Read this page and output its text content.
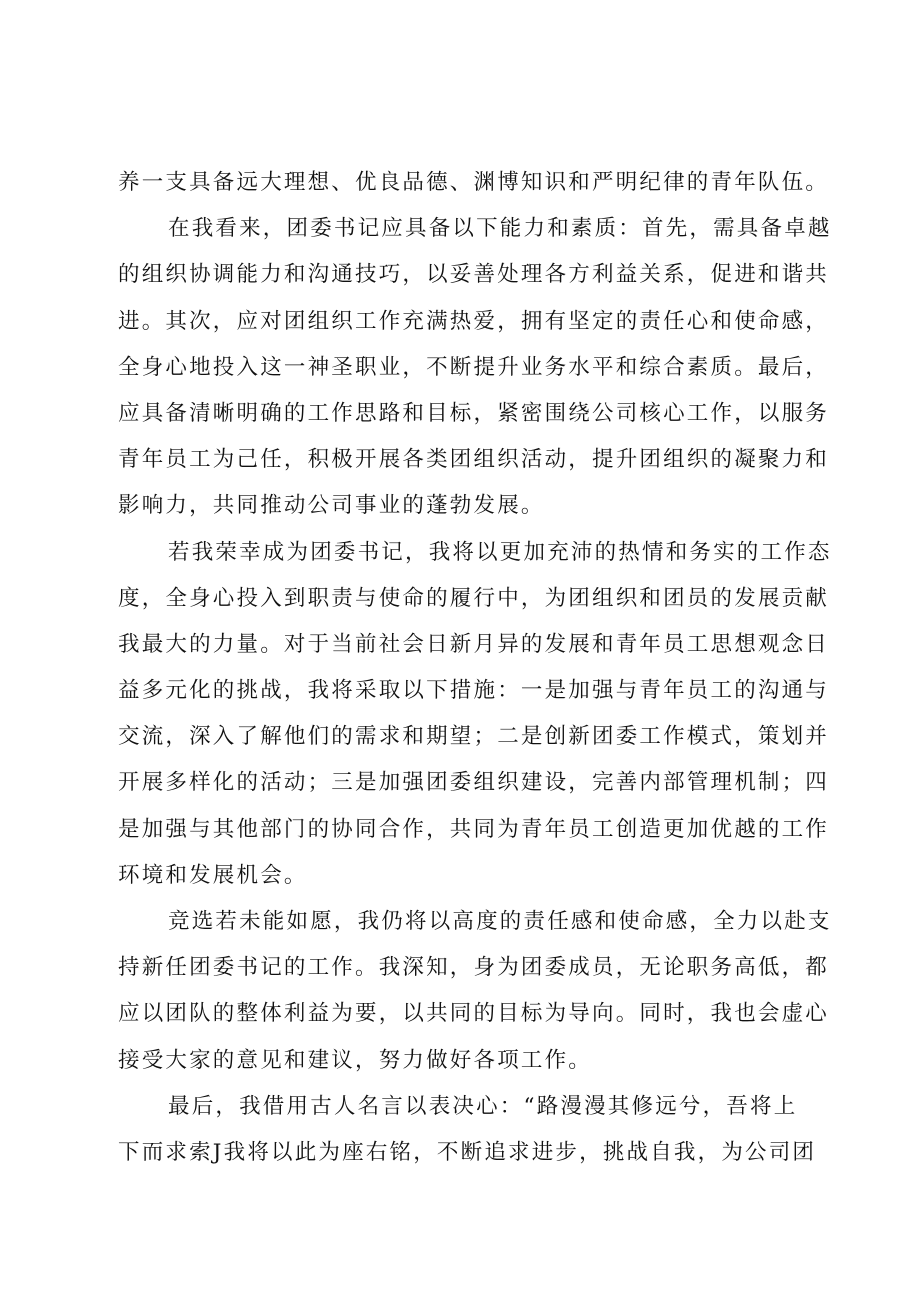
养一支具备远大理想、优良品德、渊博知识和严明纪律的青年队伍。
在我看来，团委书记应具备以下能力和素质：首先，需具备卓越
的组织协调能力和沟通技巧，以妥善处理各方利益关系，促进和谐共
进。其次，应对团组织工作充满热爱，拥有坚定的责任心和使命感，
全身心地投入这一神圣职业，不断提升业务水平和综合素质。最后，
应具备清晰明确的工作思路和目标，紧密围绕公司核心工作，以服务
青年员工为己任，积极开展各类团组织活动，提升团组织的凝聚力和
影响力，共同推动公司事业的蓬勃发展。
若我荣幸成为团委书记，我将以更加充沛的热情和务实的工作态
度，全身心投入到职责与使命的履行中，为团组织和团员的发展贡献
我最大的力量。对于当前社会日新月异的发展和青年员工思想观念日
益多元化的挑战，我将采取以下措施：一是加强与青年员工的沟通与
交流，深入了解他们的需求和期望；二是创新团委工作模式，策划并
开展多样化的活动；三是加强团委组织建设，完善内部管理机制；四
是加强与其他部门的协同合作，共同为青年员工创造更加优越的工作
环境和发展机会。
竞选若未能如愿，我仍将以高度的责任感和使命感，全力以赴支
持新任团委书记的工作。我深知，身为团委成员，无论职务高低，都
应以团队的整体利益为要，以共同的目标为导向。同时，我也会虚心
接受大家的意见和建议，努力做好各项工作。
最后，我借用古人名言以表决心：“路漫漫其修远兮，吾将上
下而求索J我将以此为座右铭，不断追求进步，挑战自我，为公司团
